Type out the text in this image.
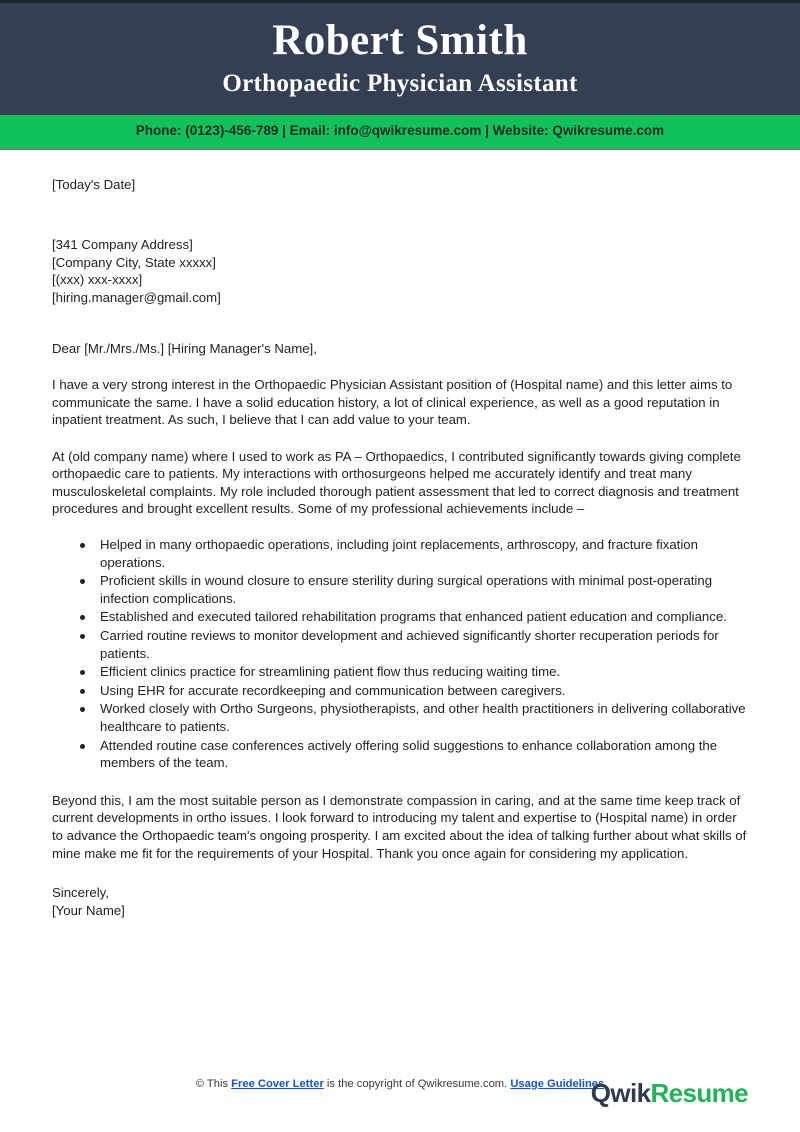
Robert Smith
Orthopaedic Physician Assistant
Phone: (0123)-456-789 | Email: info@qwikresume.com | Website: Qwikresume.com
[Today's Date]
[341 Company Address]
[Company City, State xxxxx]
[(xxx) xxx-xxxx]
[hiring.manager@gmail.com]
Dear [Mr./Mrs./Ms.] [Hiring Manager's Name],

I have a very strong interest in the Orthopaedic Physician Assistant position of (Hospital name) and this letter aims to communicate the same. I have a solid education history, a lot of clinical experience, as well as a good reputation in inpatient treatment. As such, I believe that I can add value to your team.

At (old company name) where I used to work as PA – Orthopaedics, I contributed significantly towards giving complete orthopaedic care to patients. My interactions with orthosurgeons helped me accurately identify and treat many musculoskeletal complaints. My role included thorough patient assessment that led to correct diagnosis and treatment procedures and brought excellent results. Some of my professional achievements include –

Helped in many orthopaedic operations, including joint replacements, arthroscopy, and fracture fixation operations.
Proficient skills in wound closure to ensure sterility during surgical operations with minimal post-operating infection complications.
Established and executed tailored rehabilitation programs that enhanced patient education and compliance.
Carried routine reviews to monitor development and achieved significantly shorter recuperation periods for patients.
Efficient clinics practice for streamlining patient flow thus reducing waiting time.
Using EHR for accurate recordkeeping and communication between caregivers.
Worked closely with Ortho Surgeons, physiotherapists, and other health practitioners in delivering collaborative healthcare to patients.
Attended routine case conferences actively offering solid suggestions to enhance collaboration among the members of the team.

Beyond this, I am the most suitable person as I demonstrate compassion in caring, and at the same time keep track of current developments in ortho issues. I look forward to introducing my talent and expertise to (Hospital name) in order to advance the Orthopaedic team's ongoing prosperity. I am excited about the idea of talking further about what skills of mine make me fit for the requirements of your Hospital. Thank you once again for considering my application.

Sincerely,
[Your Name]
© This Free Cover Letter is the copyright of Qwikresume.com. Usage Guidelines
QwikResume
